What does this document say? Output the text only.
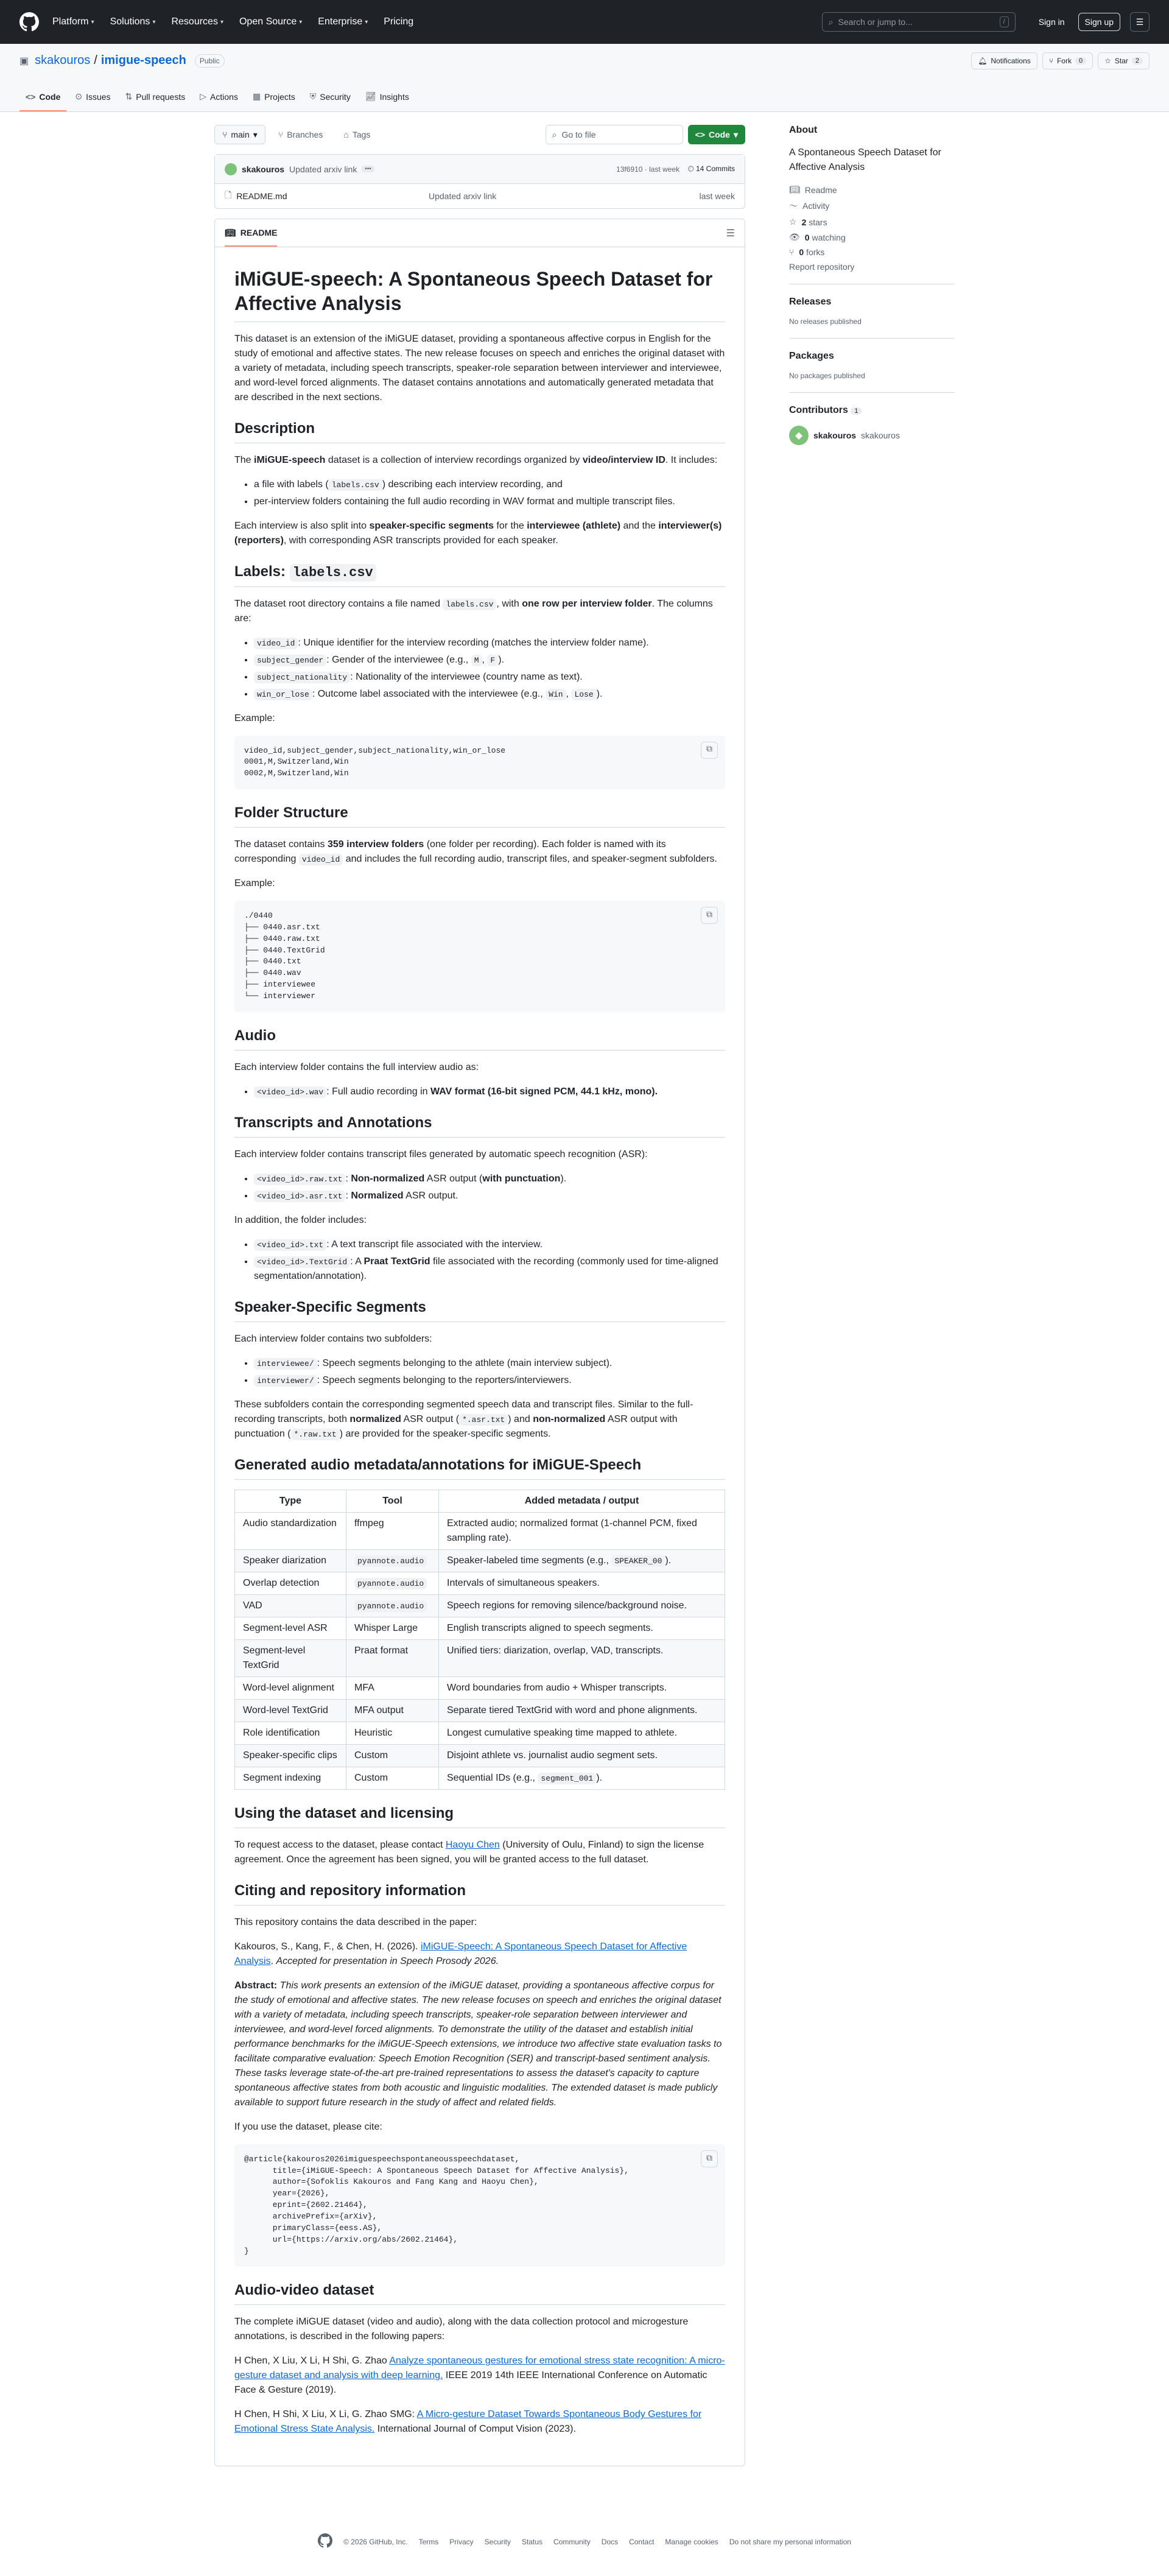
Platform ▾ Solutions ▾ Resources ▾ Open Source ▾ Enterprise ▾ Pricing	⌕ Search or jump to...	/	Sign in	Sign up	☰
▣ skakouros / imigue-speech	Public	🔔︎ Notifications	⑂ Fork	0	☆ Star	2
<> Code ⊙ Issues ⇅ Pull requests ▷ Actions ▦ Projects ⛨ Security 📈︎ Insights
⑂ main ▾ ⑂ Branches ⌂ Tags	⌕ Go to file	<> Code ▾
skakouros Updated arxiv link	•••	13f6910 · last week 🕘︎ 14 Commits
🗋︎ README.md	Updated arxiv link	last week
📖︎ README	☰
iMiGUE-speech: A Spontaneous Speech Dataset for Affective Analysis

This dataset is an extension of the iMiGUE dataset, providing a spontaneous affective corpus in English for the study of emotional and affective states. The new release focuses on speech and enriches the original dataset with a variety of metadata, including speech transcripts, speaker-role separation between interviewer and interviewee, and word-level forced alignments. The dataset contains annotations and automatically generated metadata that are described in the next sections.

Description

The iMiGUE-speech dataset is a collection of interview recordings organized by video/interview ID. It includes:

• a file with labels ( labels.csv ) describing each interview recording, and
• per-interview folders containing the full audio recording in WAV format and multiple transcript files.

Each interview is also split into speaker-specific segments for the interviewee (athlete) and the interviewer(s) (reporters), with corresponding ASR transcripts provided for each speaker.

Labels: labels.csv

The dataset root directory contains a file named labels.csv , with one row per interview folder. The columns are:

• video_id : Unique identifier for the interview recording (matches the interview folder name).
• subject_gender : Gender of the interviewee (e.g., M , F ).
• subject_nationality : Nationality of the interviewee (country name as text).
• win_or_lose : Outcome label associated with the interviewee (e.g., Win , Lose ).

Example:

video_id,subject_gender,subject_nationality,win_or_lose
0001,M,Switzerland,Win
0002,M,Switzerland,Win
⧉
Folder Structure

The dataset contains 359 interview folders (one folder per recording). Each folder is named with its corresponding video_id and includes the full recording audio, transcript files, and speaker-segment subfolders.

Example:

./0440
├── 0440.asr.txt
├── 0440.raw.txt
├── 0440.TextGrid
├── 0440.txt
├── 0440.wav
├── interviewee
└── interviewer
⧉
Audio

Each interview folder contains the full interview audio as:

• <video_id>.wav : Full audio recording in WAV format (16-bit signed PCM, 44.1 kHz, mono).
Transcripts and Annotations

Each interview folder contains transcript files generated by automatic speech recognition (ASR):

• <video_id>.raw.txt : Non-normalized ASR output (with punctuation).
• <video_id>.asr.txt : Normalized ASR output.

In addition, the folder includes:

• <video_id>.txt : A text transcript file associated with the interview.
• <video_id>.TextGrid : A Praat TextGrid file associated with the recording (commonly used for time-aligned segmentation/annotation).
Speaker-Specific Segments

Each interview folder contains two subfolders:

• interviewee/ : Speech segments belonging to the athlete (main interview subject).
• interviewer/ : Speech segments belonging to the reporters/interviewers.

These subfolders contain the corresponding segmented speech data and transcript files. Similar to the full-recording transcripts, both normalized ASR output ( *.asr.txt ) and non-normalized ASR output with punctuation ( *.raw.txt ) are provided for the speaker-specific segments.

Generated audio metadata/annotations for iMiGUE-Speech
Type	Tool	Added metadata / output
Audio standardization	ffmpeg	Extracted audio; normalized format (1-channel PCM, fixed sampling rate).
Speaker diarization	pyannote.audio	Speaker-labeled time segments (e.g., SPEAKER_00 ).
Overlap detection	pyannote.audio	Intervals of simultaneous speakers.
VAD	pyannote.audio	Speech regions for removing silence/background noise.
Segment-level ASR	Whisper Large	English transcripts aligned to speech segments.
Segment-level TextGrid	Praat format	Unified tiers: diarization, overlap, VAD, transcripts.
Word-level alignment	MFA	Word boundaries from audio + Whisper transcripts.
Word-level TextGrid	MFA output	Separate tiered TextGrid with word and phone alignments.
Role identification	Heuristic	Longest cumulative speaking time mapped to athlete.
Speaker-specific clips	Custom	Disjoint athlete vs. journalist audio segment sets.
Segment indexing	Custom	Sequential IDs (e.g., segment_001 ).
Using the dataset and licensing

To request access to the dataset, please contact Haoyu Chen (University of Oulu, Finland) to sign the license agreement. Once the agreement has been signed, you will be granted access to the full dataset.

Citing and repository information

This repository contains the data described in the paper:

Kakouros, S., Kang, F., & Chen, H. (2026). iMiGUE-Speech: A Spontaneous Speech Dataset for Affective Analysis. Accepted for presentation in Speech Prosody 2026.

Abstract: This work presents an extension of the iMiGUE dataset, providing a spontaneous affective corpus for the study of emotional and affective states. The new release focuses on speech and enriches the original dataset with a variety of metadata, including speech transcripts, speaker-role separation between interviewer and interviewee, and word-level forced alignments. To demonstrate the utility of the dataset and establish initial performance benchmarks for the iMiGUE-Speech extensions, we introduce two affective state evaluation tasks to facilitate comparative evaluation: Speech Emotion Recognition (SER) and transcript-based sentiment analysis. These tasks leverage state-of-the-art pre-trained representations to assess the dataset's capacity to capture spontaneous affective states from both acoustic and linguistic modalities. The extended dataset is made publicly available to support future research in the study of affect and related fields.

If you use the dataset, please cite:

@article{kakouros2026imiguespeechspontaneousspeechdataset,
title={iMiGUE-Speech: A Spontaneous Speech Dataset for Affective Analysis},
author={Sofoklis Kakouros and Fang Kang and Haoyu Chen},
year={2026},
eprint={2602.21464},
archivePrefix={arXiv},
primaryClass={eess.AS},
url={https://arxiv.org/abs/2602.21464},
}
⧉
Audio-video dataset

The complete iMiGUE dataset (video and audio), along with the data collection protocol and microgesture annotations, is described in the following papers:

H Chen, X Liu, X Li, H Shi, G. Zhao Analyze spontaneous gestures for emotional stress state recognition: A micro-gesture dataset and analysis with deep learning. IEEE 2019 14th IEEE International Conference on Automatic Face & Gesture (2019).

H Chen, H Shi, X Liu, X Li, G. Zhao SMG: A Micro-gesture Dataset Towards Spontaneous Body Gestures for Emotional Stress State Analysis. International Journal of Comput Vision (2023).

About
A Spontaneous Speech Dataset for Affective Analysis
📖︎ Readme
〜 Activity
☆ 2 stars
👁︎ 0 watching
⑂ 0 forks
Report repository
Releases
No releases published
Packages
No packages published
Contributors 1
◆	skakouros skakouros
© 2026 GitHub, Inc. Terms Privacy Security Status Community Docs Contact Manage cookies Do not share my personal information
